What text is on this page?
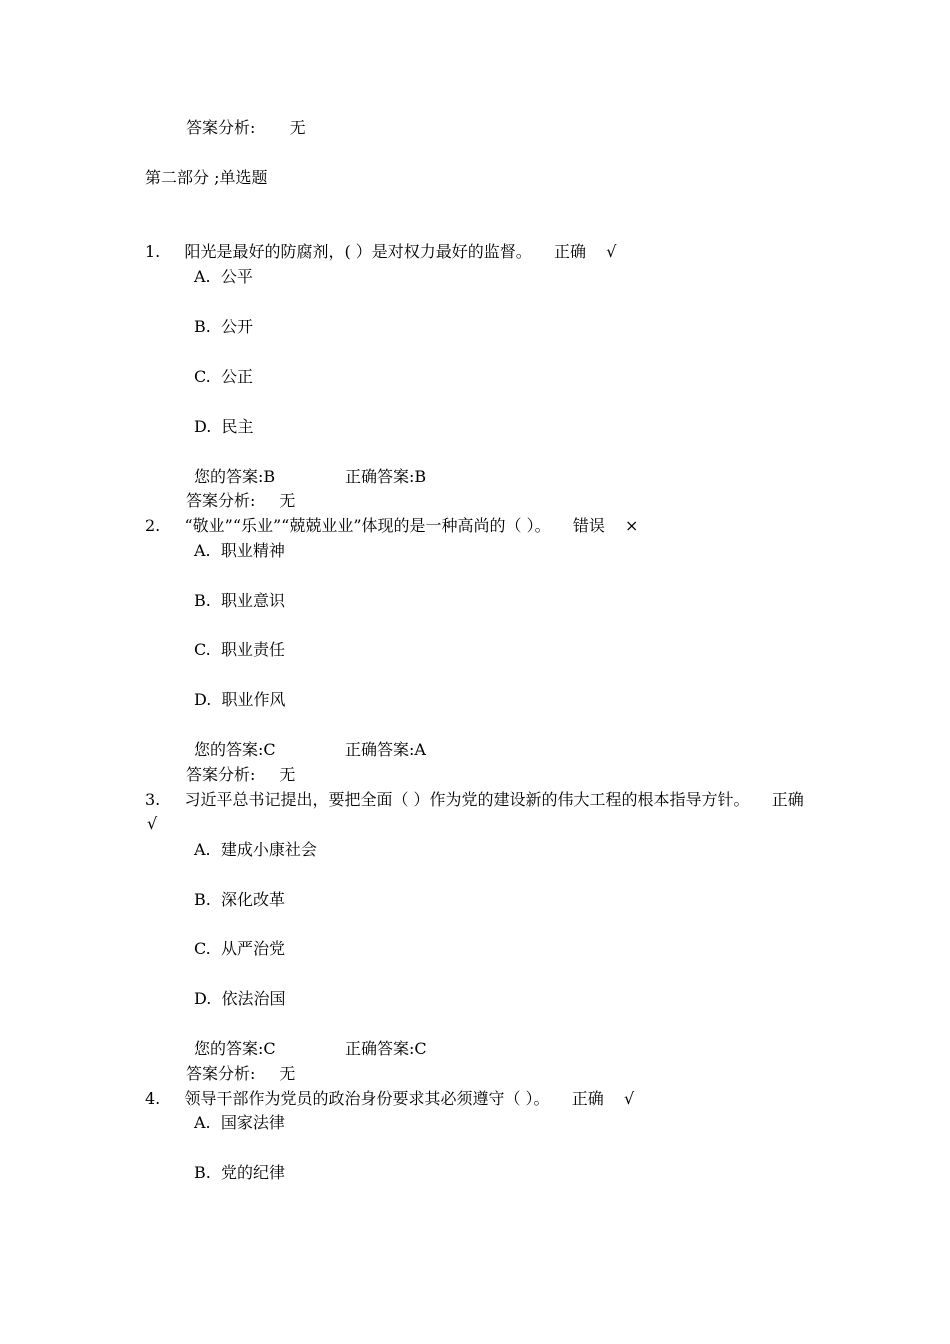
答案分析: 无
第二部分 ;单选题
1. 阳光是最好的防腐剂，( ）是对权力最好的监督。 正确 √
A. 公平
B. 公开
C. 公正
D. 民主
您的答案:B	正确答案:B
答案分析: 无
2. “敬业”“乐业”“兢兢业业”体现的是一种高尚的（ ）。 错误 ×
A. 职业精神
B. 职业意识
C. 职业责任
D. 职业作风
您的答案:C	正确答案:A
答案分析: 无
3. 习近平总书记提出，要把全面（ ）作为党的建设新的伟大工程的根本指导方针。 正确
√
A. 建成小康社会
B. 深化改革
C. 从严治党
D. 依法治国
您的答案:C	正确答案:C
答案分析: 无
4. 领导干部作为党员的政治身份要求其必须遵守（ ）。 正确 √
A. 国家法律
B. 党的纪律
